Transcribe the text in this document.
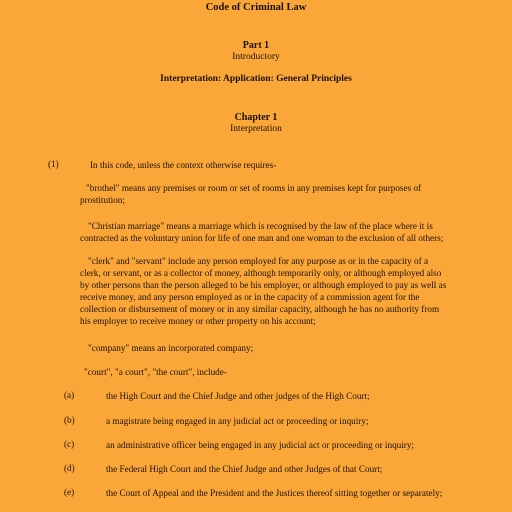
Code of Criminal Law
Part 1
Introductory
Interpretation: Application: General Principles
Chapter 1
Interpretation
(1)	In this code, unless the context otherwise requires-
"brothel" means any premises or room or set of rooms in any premises kept for purposes of
prostitution;
"Christian marriage" means a marriage which is recognised by the law of the place where it is
contracted as the voluntary union for life of one man and one woman to the exclusion of all others;
"clerk" and "servant" include any person employed for any purpose as or in the capacity of a
clerk, or servant, or as a collector of money, although temporarily only, or although employed also
by other persons than the person alleged to be his employer, or although employed to pay as well as
receive money, and any person employed as or in the capacity of a commission agent for the
collection or disbursement of money or in any similar capacity, although he has no authority from
his employer to receive money or other property on his account;
"company" means an incorporated company;
"court", "a court", "the court", include-
(a)	the High Court and the Chief Judge and other judges of the High Court;
(b)	a magistrate being engaged in any judicial act or proceeding or inquiry;
(c)	an administrative officer being engaged in any judicial act or proceeding or inquiry;
(d)	the Federal High Court and the Chief Judge and other Judges of that Court;
(e)	the Court of Appeal and the President and the Justices thereof sitting together or separately;
